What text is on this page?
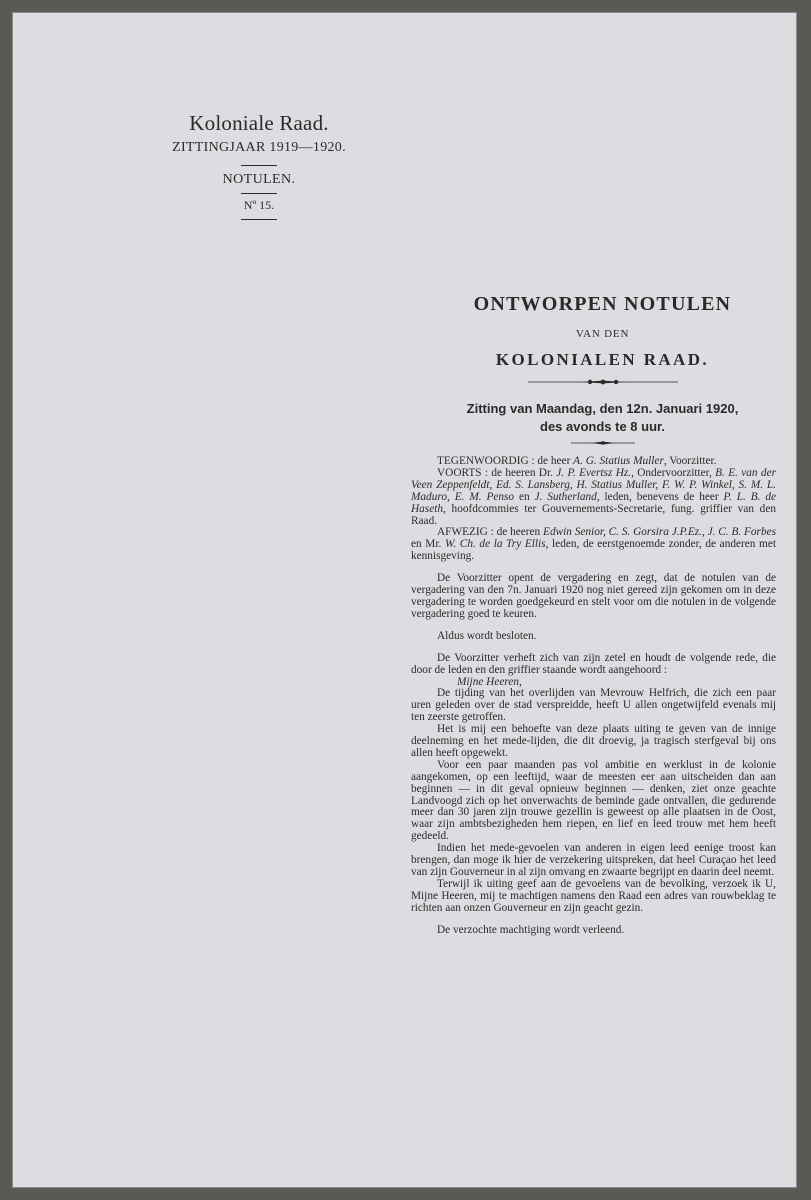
Koloniale Raad.
ZITTINGJAAR 1919—1920.
NOTULEN.
Nº 15.
ONTWORPEN NOTULEN
VAN DEN
KOLONIALEN RAAD.
Zitting van Maandag, den 12n. Januari 1920,
des avonds te 8 uur.

TEGENWOORDIG : de heer A. G. Statius Muller, Voorzitter.

VOORTS : de heeren Dr. J. P. Evertsz Hz., Ondervoorzitter, B. E. van der Veen Zeppenfeldt, Ed. S. Lansberg, H. Statius Muller, F. W. P. Winkel, S. M. L. Maduro, E. M. Penso en J. Sutherland, leden, benevens de heer P. L. B. de Haseth, hoofdcommies ter Gouvernements-Secretarie, fung. griffier van den Raad.

AFWEZIG : de heeren Edwin Senior, C. S. Gorsira J.P.Ez., J. C. B. Forbes en Mr. W. Ch. de la Try Ellis, leden, de eerstgenoemde zonder, de anderen met kennisgeving.

De Voorzitter opent de vergadering en zegt, dat de notulen van de vergadering van den 7n. Januari 1920 nog niet gereed zijn gekomen om in deze vergadering te worden goedgekeurd en stelt voor om die notulen in de volgende vergadering goed te keuren.

Aldus wordt besloten.

De Voorzitter verheft zich van zijn zetel en houdt de volgende rede, die door de leden en den griffier staande wordt aangehoord :

Mijne Heeren,

De tijding van het overlijden van Mevrouw Helfrich, die zich een paar uren geleden over de stad verspreidde, heeft U allen ongetwijfeld evenals mij ten zeerste getroffen.

Het is mij een behoefte van deze plaats uiting te geven van de innige deelneming en het mede-lijden, die dit droevig, ja tragisch sterfgeval bij ons allen heeft opgewekt.

Voor een paar maanden pas vol ambitie en werklust in de kolonie aangekomen, op een leeftijd, waar de meesten eer aan uitscheiden dan aan beginnen — in dit geval opnieuw beginnen — denken, ziet onze geachte Landvoogd zich op het onverwachts de beminde gade ontvallen, die gedurende meer dan 30 jaren zijn trouwe gezellin is geweest op alle plaatsen in de Oost, waar zijn ambtsbezigheden hem riepen, en lief en leed trouw met hem heeft gedeeld.

Indien het mede-gevoelen van anderen in eigen leed eenige troost kan brengen, dan moge ik hier de verzekering uitspreken, dat heel Curaçao het leed van zijn Gouverneur in al zijn omvang en zwaarte begrijpt en daarin deel neemt.

Terwijl ik uiting geef aan de gevoelens van de bevolking, verzoek ik U, Mijne Heeren, mij te machtigen namens den Raad een adres van rouwbeklag te richten aan onzen Gouverneur en zijn geacht gezin.

De verzochte machtiging wordt verleend.
